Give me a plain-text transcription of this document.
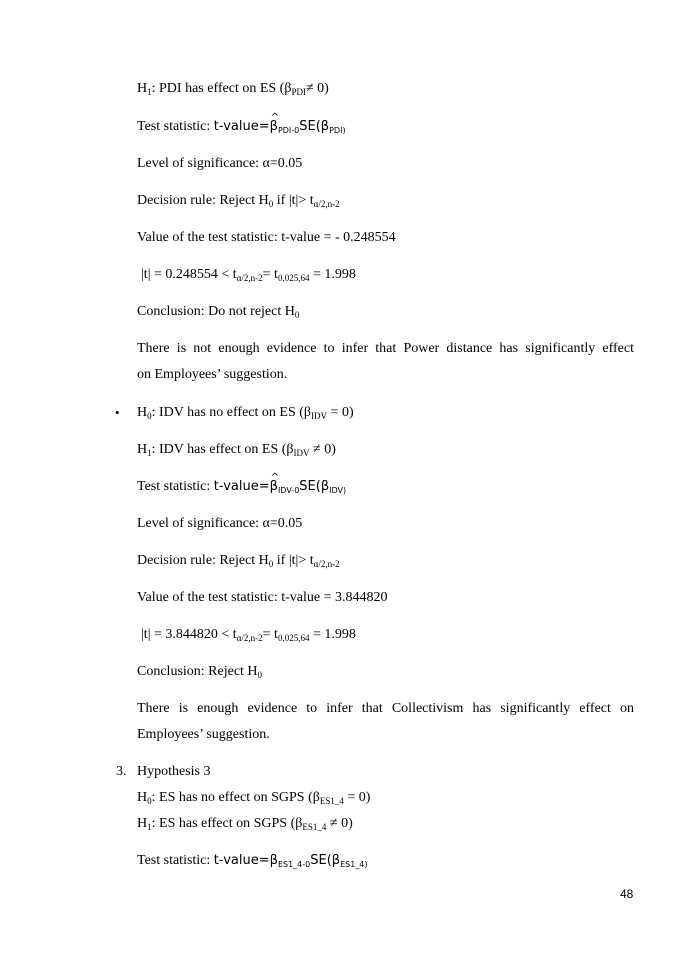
$H_1$: PDI has effect on ES $(\beta_{PDI}\ne 0)$
Test statistic: t-value=^ $\beta_{PDI-0}SE(\beta_{PDI)}$
Level of significance: α=0.05
Decision rule: Reject $H_0$ if $|t|> t_{\alpha/2,n-2}$
Value of the test statistic: t-value = - 0.248554
$|t| = 0.248554 < t_{\alpha/2,n-2}= t_{0.025,64} = 1.998$
Conclusion: Do not reject $H_0$
There is not enough evidence to infer that Power distance has significantly effect
on Employees’ suggestion.
• $H_0$: IDV has no effect on ES $(\beta_{IDV} = 0)$
$H_1$: IDV has effect on ES $(\beta_{IDV} \ne 0)$
Test statistic: t-value=^ $\beta_{IDV-0}SE(\beta_{IDV)}$
Level of significance: α=0.05
Decision rule: Reject $H_0$ if $|t|> t_{\alpha/2,n-2}$
Value of the test statistic: t-value = 3.844820
$|t| = 3.844820 < t_{\alpha/2,n-2}= t_{0.025,64} = 1.998$
Conclusion: Reject $H_0$
There is enough evidence to infer that Collectivism has significantly effect on
Employees’ suggestion.
3. Hypothesis 3
$H_0$: ES has no effect on SGPS $(\beta_{ES1\_4} = 0)$
$H_1$: ES has effect on SGPS $(\beta_{ES1\_4} \ne 0)$
Test statistic: $t-value=\beta_{ES1\_4-0}SE(\beta_{ES1\_4)}$
48
